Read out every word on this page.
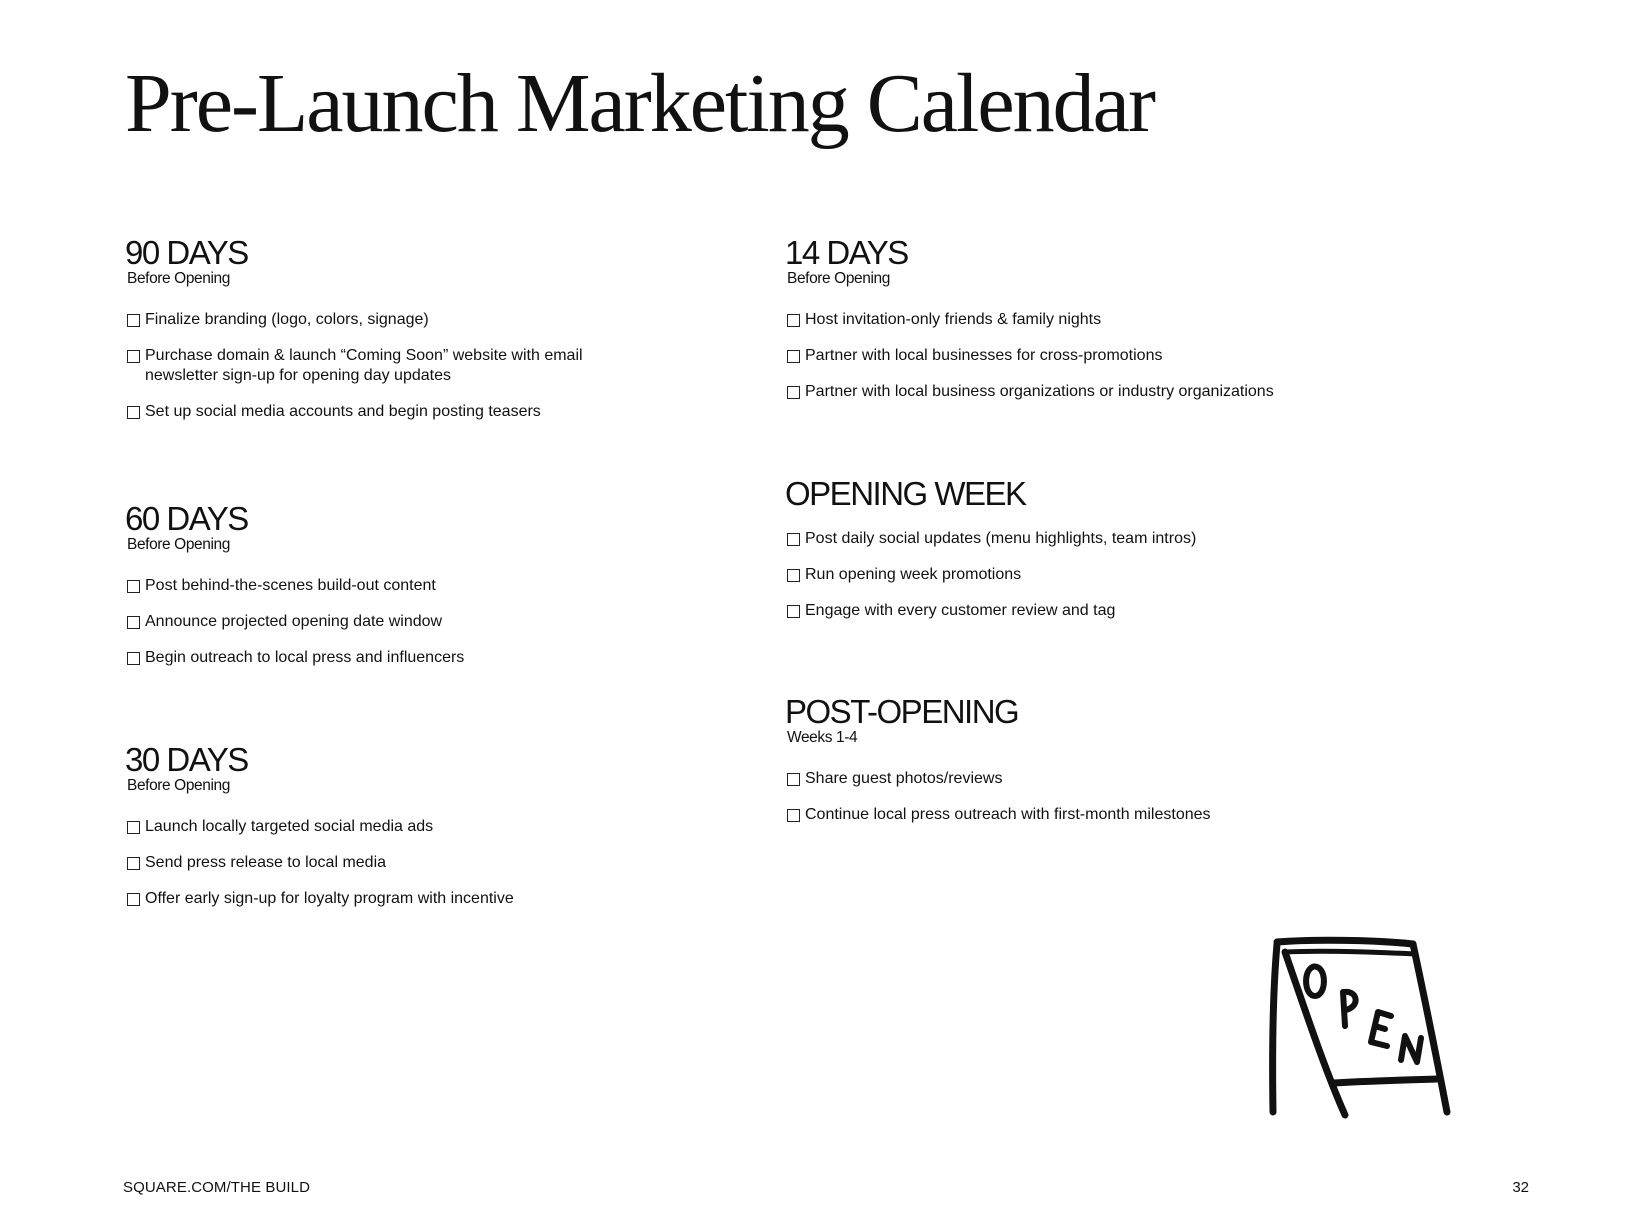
Pre-Launch Marketing Calendar
90 DAYS

Before Opening

Finalize branding (logo, colors, signage)
Purchase domain & launch “Coming Soon” website with email newsletter sign-up for opening day updates
Set up social media accounts and begin posting teasers
60 DAYS

Before Opening

Post behind-the-scenes build-out content
Announce projected opening date window
Begin outreach to local press and influencers
30 DAYS

Before Opening

Launch locally targeted social media ads
Send press release to local media
Offer early sign-up for loyalty program with incentive
14 DAYS

Before Opening

Host invitation-only friends & family nights
Partner with local businesses for cross-promotions
Partner with local business organizations or industry organizations
OPENING WEEK
Post daily social updates (menu highlights, team intros)
Run opening week promotions
Engage with every customer review and tag
POST-OPENING

Weeks 1-4

Share guest photos/reviews
Continue local press outreach with first-month milestones
SQUARE.COM/THE BUILD	32
